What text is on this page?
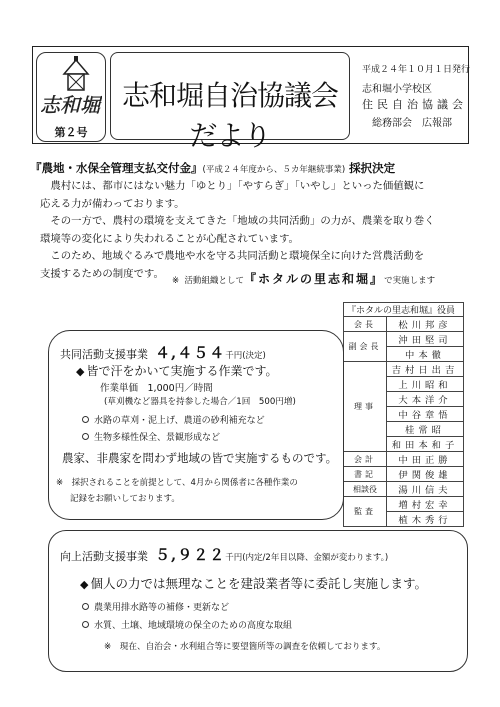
志和堀
第２号
志和堀自治協議会だより
平成２４年１０月１日発行
志和堀小学校区
住民自治協議会
総務部会　広報部
『農地・水保全管理支払交付金』(平成２４年度から、５カ年継続事業) 採択決定

農村には、都市にはない魅力「ゆとり」「やすらぎ」「いやし」といった価値観に

応える力が備わっております。

その一方で、農村の環境を支えてきた「地域の共同活動」の力が、農業を取り巻く

環境等の変化により失われることが心配されています。

このため、地域ぐるみで農地や水を守る共同活動と環境保全に向けた営農活動を

支援するための制度です。

※ 活動組織として『ホタルの里志和堀』で実施します
『ホタルの里志和堀』役員	
会長	松川邦彦
副会長	沖田堅司
	中本徹
理事	吉村日出吉
	上川昭和
	大本洋介
	中谷章悟
	桂常昭
	和田本和子
会計	中田正勝
書記	伊関俊雄
相談役	湯川信夫
監査	増村宏幸
	植木秀行
共同活動支援事業 ４,４５４千円(決定)
◆ 皆で汗をかいて実施する作業です。
作業単価　1,000円／時間
(草刈機など器具を持参した場合／1回　500円増)
水路の草刈・泥上げ、農道の砂利補充など
生物多様性保全、景観形成など
農家、非農家を問わず地域の皆で実施するものです。
※　採択されることを前提として、4月から関係者に各種作業の
記録をお願いしております。
向上活動支援事業 ５,９２２千円(内定/2年目以降、金額が変わります。)
◆ 個人の力では無理なことを建設業者等に委託し実施します。
農業用排水路等の補修・更新など
水質、土壌、地域環境の保全のための高度な取組
※　現在、自治会・水利組合等に要望箇所等の調査を依頼しております。
